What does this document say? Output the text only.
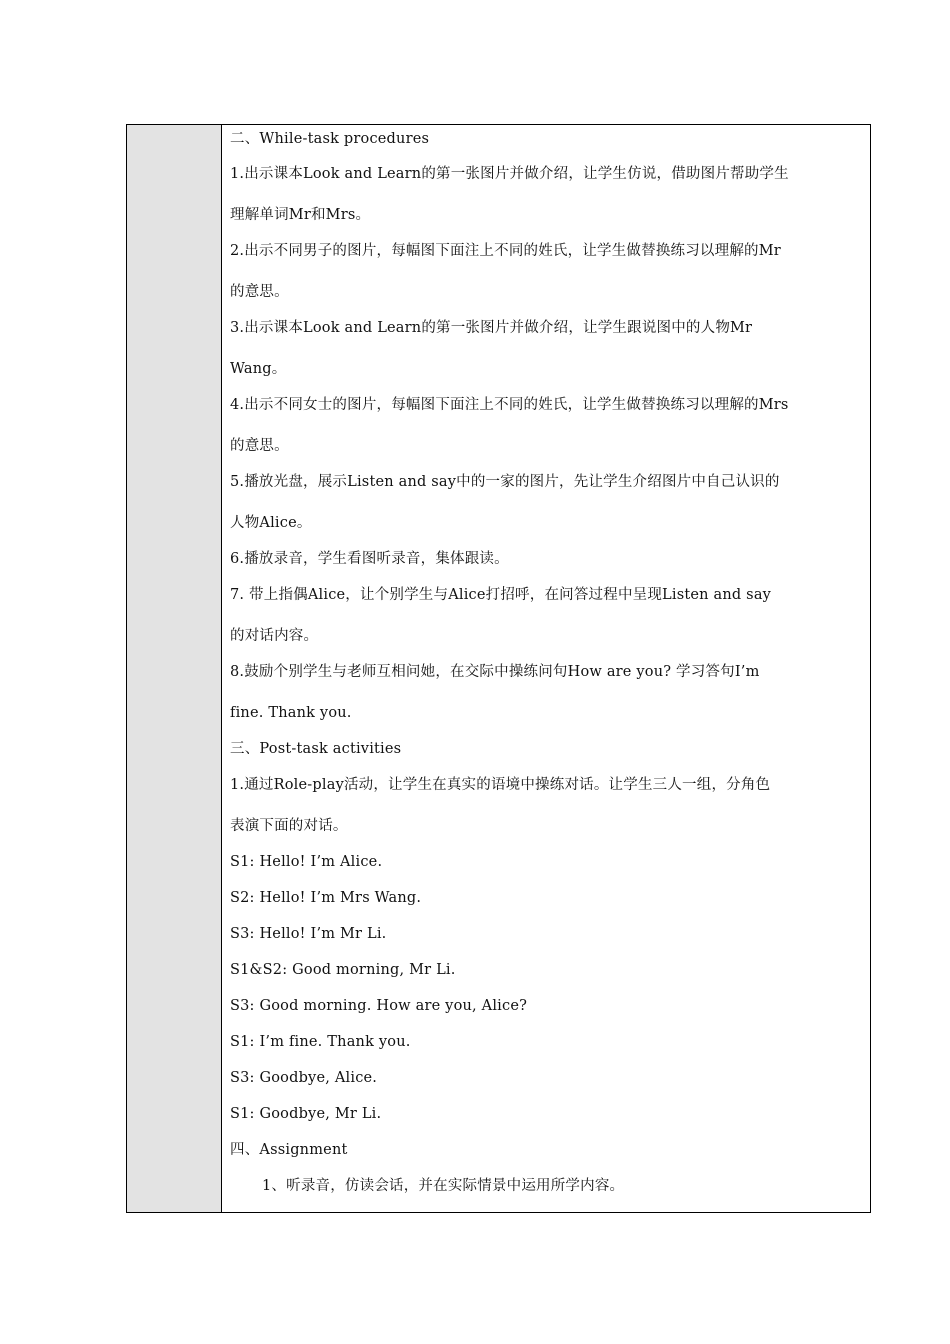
二、While-task procedures
1.出示课本Look and Learn的第一张图片并做介绍，让学生仿说，借助图片帮助学生
理解单词Mr和Mrs。
2.出示不同男子的图片，每幅图下面注上不同的姓氏，让学生做替换练习以理解的Mr
的意思。
3.出示课本Look and Learn的第一张图片并做介绍，让学生跟说图中的人物Mr
Wang。
4.出示不同女士的图片，每幅图下面注上不同的姓氏，让学生做替换练习以理解的Mrs
的意思。
5.播放光盘，展示Listen and say中的一家的图片，先让学生介绍图片中自己认识的
人物Alice。
6.播放录音，学生看图听录音，集体跟读。
7. 带上指偶Alice，让个别学生与Alice打招呼，在问答过程中呈现Listen and say
的对话内容。
8.鼓励个别学生与老师互相问她，在交际中操练问句How are you? 学习答句I’m
fine. Thank you.
三、Post-task activities
1.通过Role-play活动，让学生在真实的语境中操练对话。让学生三人一组，分角色
表演下面的对话。
S1: Hello! I’m Alice.
S2: Hello! I’m Mrs Wang.
S3: Hello! I’m Mr Li.
S1&S2: Good morning, Mr Li.
S3: Good morning. How are you, Alice?
S1: I’m fine. Thank you.
S3: Goodbye, Alice.
S1: Goodbye, Mr Li.
四、Assignment
1、听录音，仿读会话，并在实际情景中运用所学内容。
